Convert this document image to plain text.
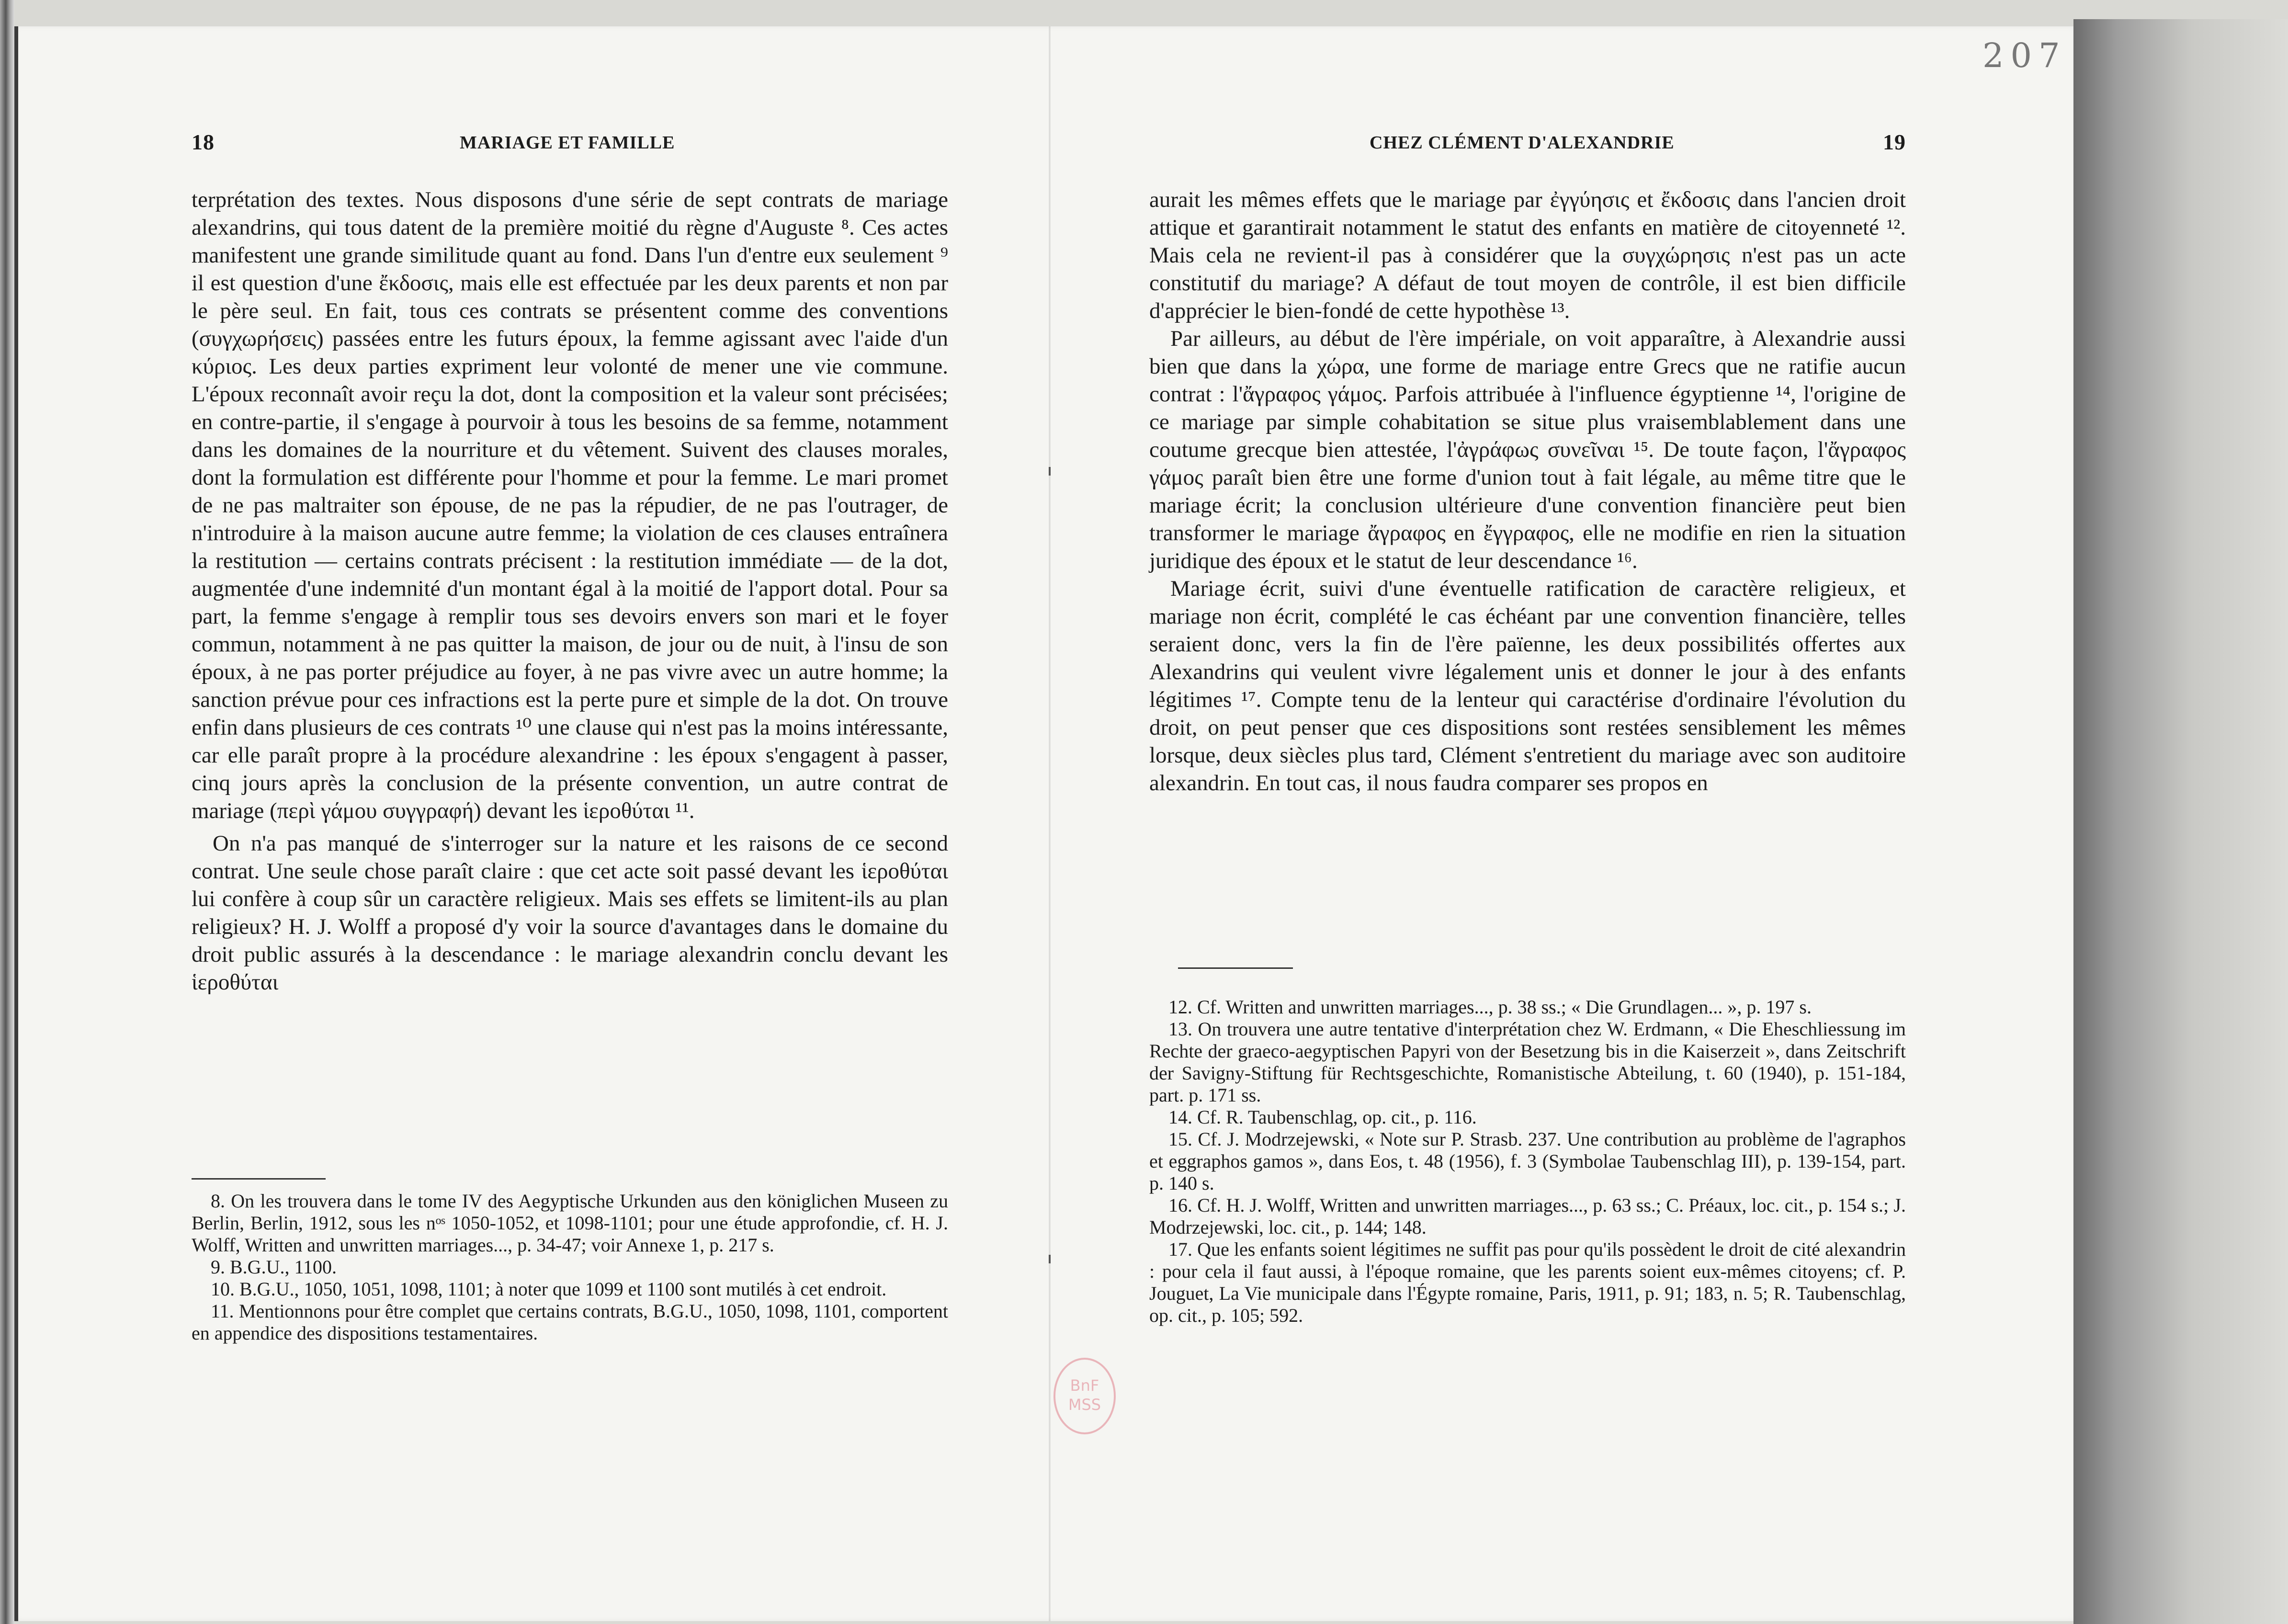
207
18	MARIAGE ET FAMILLE

terprétation des textes. Nous disposons d'une série de sept contrats de mariage alexandrins, qui tous datent de la première moitié du règne d'Auguste ⁸. Ces actes manifestent une grande similitude quant au fond. Dans l'un d'entre eux seulement ⁹ il est question d'une ἔκδοσις, mais elle est effectuée par les deux parents et non par le père seul. En fait, tous ces contrats se présentent comme des conventions (συγχωρήσεις) passées entre les futurs époux, la femme agissant avec l'aide d'un κύριος. Les deux parties expriment leur volonté de mener une vie commune. L'époux reconnaît avoir reçu la dot, dont la composition et la valeur sont précisées; en contre-partie, il s'engage à pourvoir à tous les besoins de sa femme, notamment dans les domaines de la nourriture et du vêtement. Suivent des clauses morales, dont la formulation est différente pour l'homme et pour la femme. Le mari promet de ne pas maltraiter son épouse, de ne pas la répudier, de ne pas l'outrager, de n'introduire à la maison aucune autre femme; la violation de ces clauses entraînera la restitution — certains contrats précisent : la restitution immédiate — de la dot, augmentée d'une indemnité d'un montant égal à la moitié de l'apport dotal. Pour sa part, la femme s'engage à remplir tous ses devoirs envers son mari et le foyer commun, notamment à ne pas quitter la maison, de jour ou de nuit, à l'insu de son époux, à ne pas porter préjudice au foyer, à ne pas vivre avec un autre homme; la sanction prévue pour ces infractions est la perte pure et simple de la dot. On trouve enfin dans plusieurs de ces contrats ¹⁰ une clause qui n'est pas la moins intéressante, car elle paraît propre à la procédure alexandrine : les époux s'engagent à passer, cinq jours après la conclusion de la présente convention, un autre contrat de mariage (περὶ γάμου συγγραφή) devant les ἱεροθύται ¹¹.

On n'a pas manqué de s'interroger sur la nature et les raisons de ce second contrat. Une seule chose paraît claire : que cet acte soit passé devant les ἱεροθύται lui confère à coup sûr un caractère religieux. Mais ses effets se limitent-ils au plan religieux? H. J. Wolff a proposé d'y voir la source d'avantages dans le domaine du droit public assurés à la descendance : le mariage alexandrin conclu devant les ἱεροθύται

8. On les trouvera dans le tome IV des Aegyptische Urkunden aus den königlichen Museen zu Berlin, Berlin, 1912, sous les nᵒˢ 1050-1052, et 1098-1101; pour une étude approfondie, cf. H. J. Wolff, Written and unwritten marriages..., p. 34-47; voir Annexe 1, p. 217 s.

9. B.G.U., 1100.

10. B.G.U., 1050, 1051, 1098, 1101; à noter que 1099 et 1100 sont mutilés à cet endroit.

11. Mentionnons pour être complet que certains contrats, B.G.U., 1050, 1098, 1101, comportent en appendice des dispositions testamentaires.

CHEZ CLÉMENT D'ALEXANDRIE	19

aurait les mêmes effets que le mariage par ἐγγύησις et ἔκδοσις dans l'ancien droit attique et garantirait notamment le statut des enfants en matière de citoyenneté ¹². Mais cela ne revient-il pas à considérer que la συγχώρησις n'est pas un acte constitutif du mariage? A défaut de tout moyen de contrôle, il est bien difficile d'apprécier le bien-fondé de cette hypothèse ¹³.

Par ailleurs, au début de l'ère impériale, on voit apparaître, à Alexandrie aussi bien que dans la χώρα, une forme de mariage entre Grecs que ne ratifie aucun contrat : l'ἄγραφος γάμος. Parfois attribuée à l'influence égyptienne ¹⁴, l'origine de ce mariage par simple cohabitation se situe plus vraisemblablement dans une coutume grecque bien attestée, l'ἀγράφως συνεῖναι ¹⁵. De toute façon, l'ἄγραφος γάμος paraît bien être une forme d'union tout à fait légale, au même titre que le mariage écrit; la conclusion ultérieure d'une convention financière peut bien transformer le mariage ἄγραφος en ἔγγραφος, elle ne modifie en rien la situation juridique des époux et le statut de leur descendance ¹⁶.

Mariage écrit, suivi d'une éventuelle ratification de caractère religieux, et mariage non écrit, complété le cas échéant par une convention financière, telles seraient donc, vers la fin de l'ère païenne, les deux possibilités offertes aux Alexandrins qui veulent vivre légalement unis et donner le jour à des enfants légitimes ¹⁷. Compte tenu de la lenteur qui caractérise d'ordinaire l'évolution du droit, on peut penser que ces dispositions sont restées sensiblement les mêmes lorsque, deux siècles plus tard, Clément s'entretient du mariage avec son auditoire alexandrin. En tout cas, il nous faudra comparer ses propos en

12. Cf. Written and unwritten marriages..., p. 38 ss.; « Die Grundlagen... », p. 197 s.

13. On trouvera une autre tentative d'interprétation chez W. Erdmann, « Die Eheschliessung im Rechte der graeco-aegyptischen Papyri von der Besetzung bis in die Kaiserzeit », dans Zeitschrift der Savigny-Stiftung für Rechtsgeschichte, Romanistische Abteilung, t. 60 (1940), p. 151-184, part. p. 171 ss.

14. Cf. R. Taubenschlag, op. cit., p. 116.

15. Cf. J. Modrzejewski, « Note sur P. Strasb. 237. Une contribution au problème de l'agraphos et eggraphos gamos », dans Eos, t. 48 (1956), f. 3 (Symbolae Taubenschlag III), p. 139-154, part. p. 140 s.

16. Cf. H. J. Wolff, Written and unwritten marriages..., p. 63 ss.; C. Préaux, loc. cit., p. 154 s.; J. Modrzejewski, loc. cit., p. 144; 148.

17. Que les enfants soient légitimes ne suffit pas pour qu'ils possèdent le droit de cité alexandrin : pour cela il faut aussi, à l'époque romaine, que les parents soient eux-mêmes citoyens; cf. P. Jouguet, La Vie municipale dans l'Égypte romaine, Paris, 1911, p. 91; 183, n. 5; R. Taubenschlag, op. cit., p. 105; 592.

BnF MSS
